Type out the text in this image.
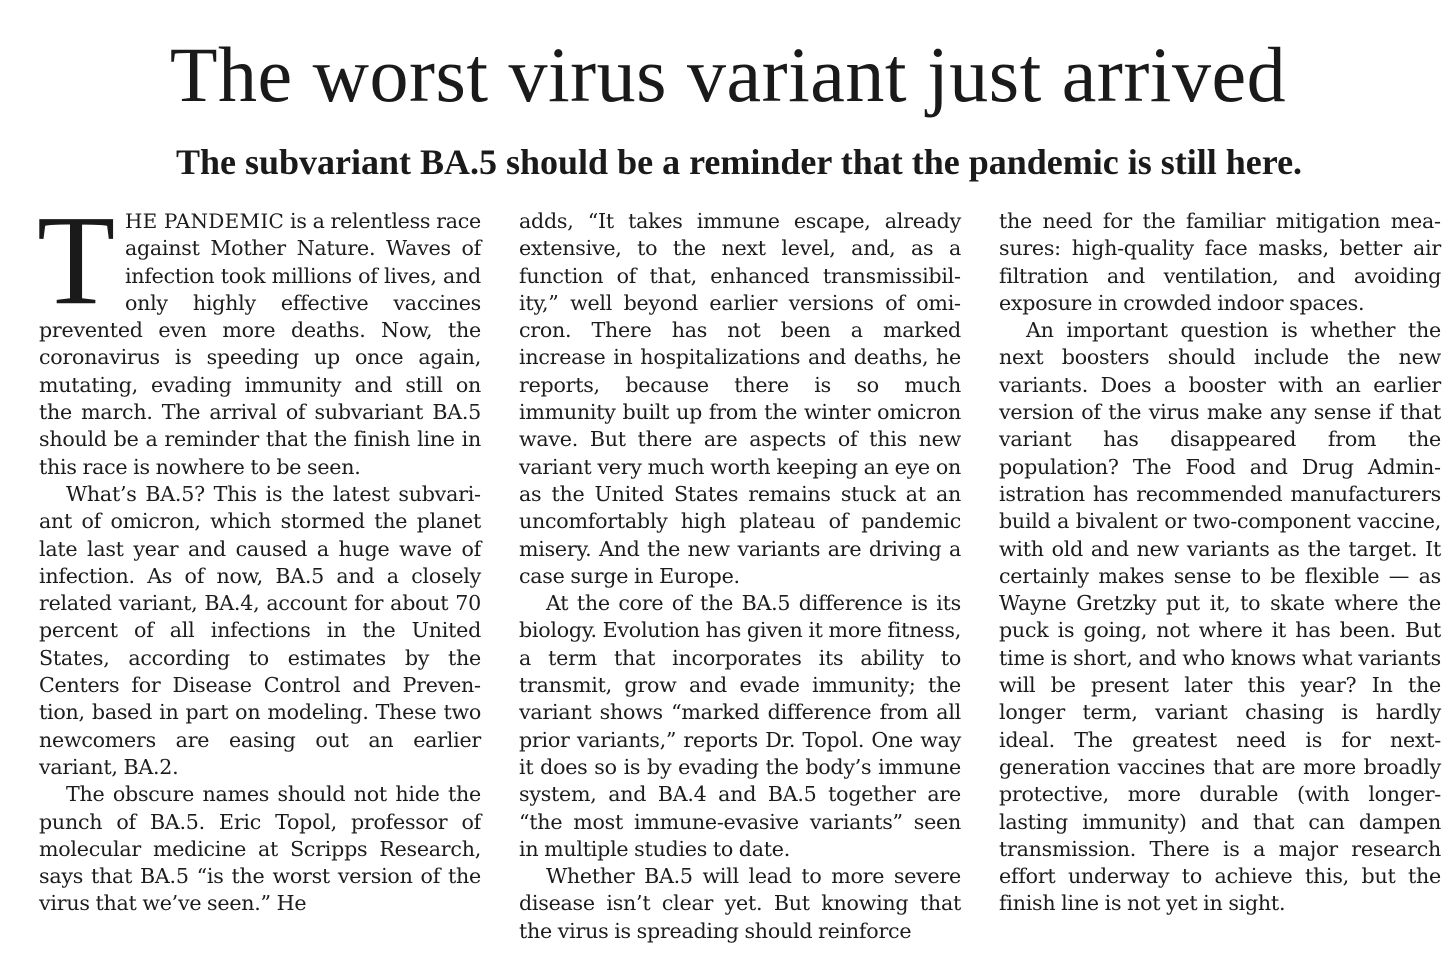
The worst virus variant just arrived
The subvariant BA.5 should be a reminder that the pandemic is still here.

THE PANDEMIC is a relentless race against Mother Nature. Waves of infection took millions of lives, and only highly effective vaccines prevented even more deaths. Now, the coronavirus is speeding up once again, mutating, evading immunity and still on the march. The arrival of subvariant BA.5 should be a reminder that the finish line in this race is nowhere to be seen.

What’s BA.5? This is the latest subvariant of omicron, which stormed the planet late last year and caused a huge wave of infection. As of now, BA.5 and a closely related variant, BA.4, account for about 70 percent of all infections in the United States, according to estimates by the Centers for Disease Control and Prevention, based in part on modeling. These two newcomers are easing out an earlier variant, BA.2.

The obscure names should not hide the punch of BA.5. Eric Topol, professor of molecular medicine at Scripps Research, says that BA.5 “is the worst version of the virus that we’ve seen.” He

adds, “It takes immune escape, already extensive, to the next level, and, as a function of that, enhanced transmissibility,” well beyond earlier versions of omicron. There has not been a marked increase in hospitalizations and deaths, he reports, because there is so much immunity built up from the winter omicron wave. But there are aspects of this new variant very much worth keeping an eye on as the United States remains stuck at an uncomfortably high plateau of pandemic misery. And the new variants are driving a case surge in Europe.

At the core of the BA.5 difference is its biology. Evolution has given it more fitness, a term that incorporates its ability to transmit, grow and evade immunity; the variant shows “marked difference from all prior variants,” reports Dr. Topol. One way it does so is by evading the body’s immune system, and BA.4 and BA.5 together are “the most immune-evasive variants” seen in multiple studies to date.

Whether BA.5 will lead to more severe disease isn’t clear yet. But knowing that the virus is spreading should reinforce

the need for the familiar mitigation measures: high-quality face masks, better air filtration and ventilation, and avoiding exposure in crowded indoor spaces.

An important question is whether the next boosters should include the new variants. Does a booster with an earlier version of the virus make any sense if that variant has disappeared from the population? The Food and Drug Administration has recommended manufacturers build a bivalent or two-component vaccine, with old and new variants as the target. It certainly makes sense to be flexible — as Wayne Gretzky put it, to skate where the puck is going, not where it has been. But time is short, and who knows what variants will be present later this year? In the longer term, variant chasing is hardly ideal. The greatest need is for next-generation vaccines that are more broadly protective, more durable (with longer-lasting immunity) and that can dampen transmission. There is a major research effort underway to achieve this, but the finish line is not yet in sight.
